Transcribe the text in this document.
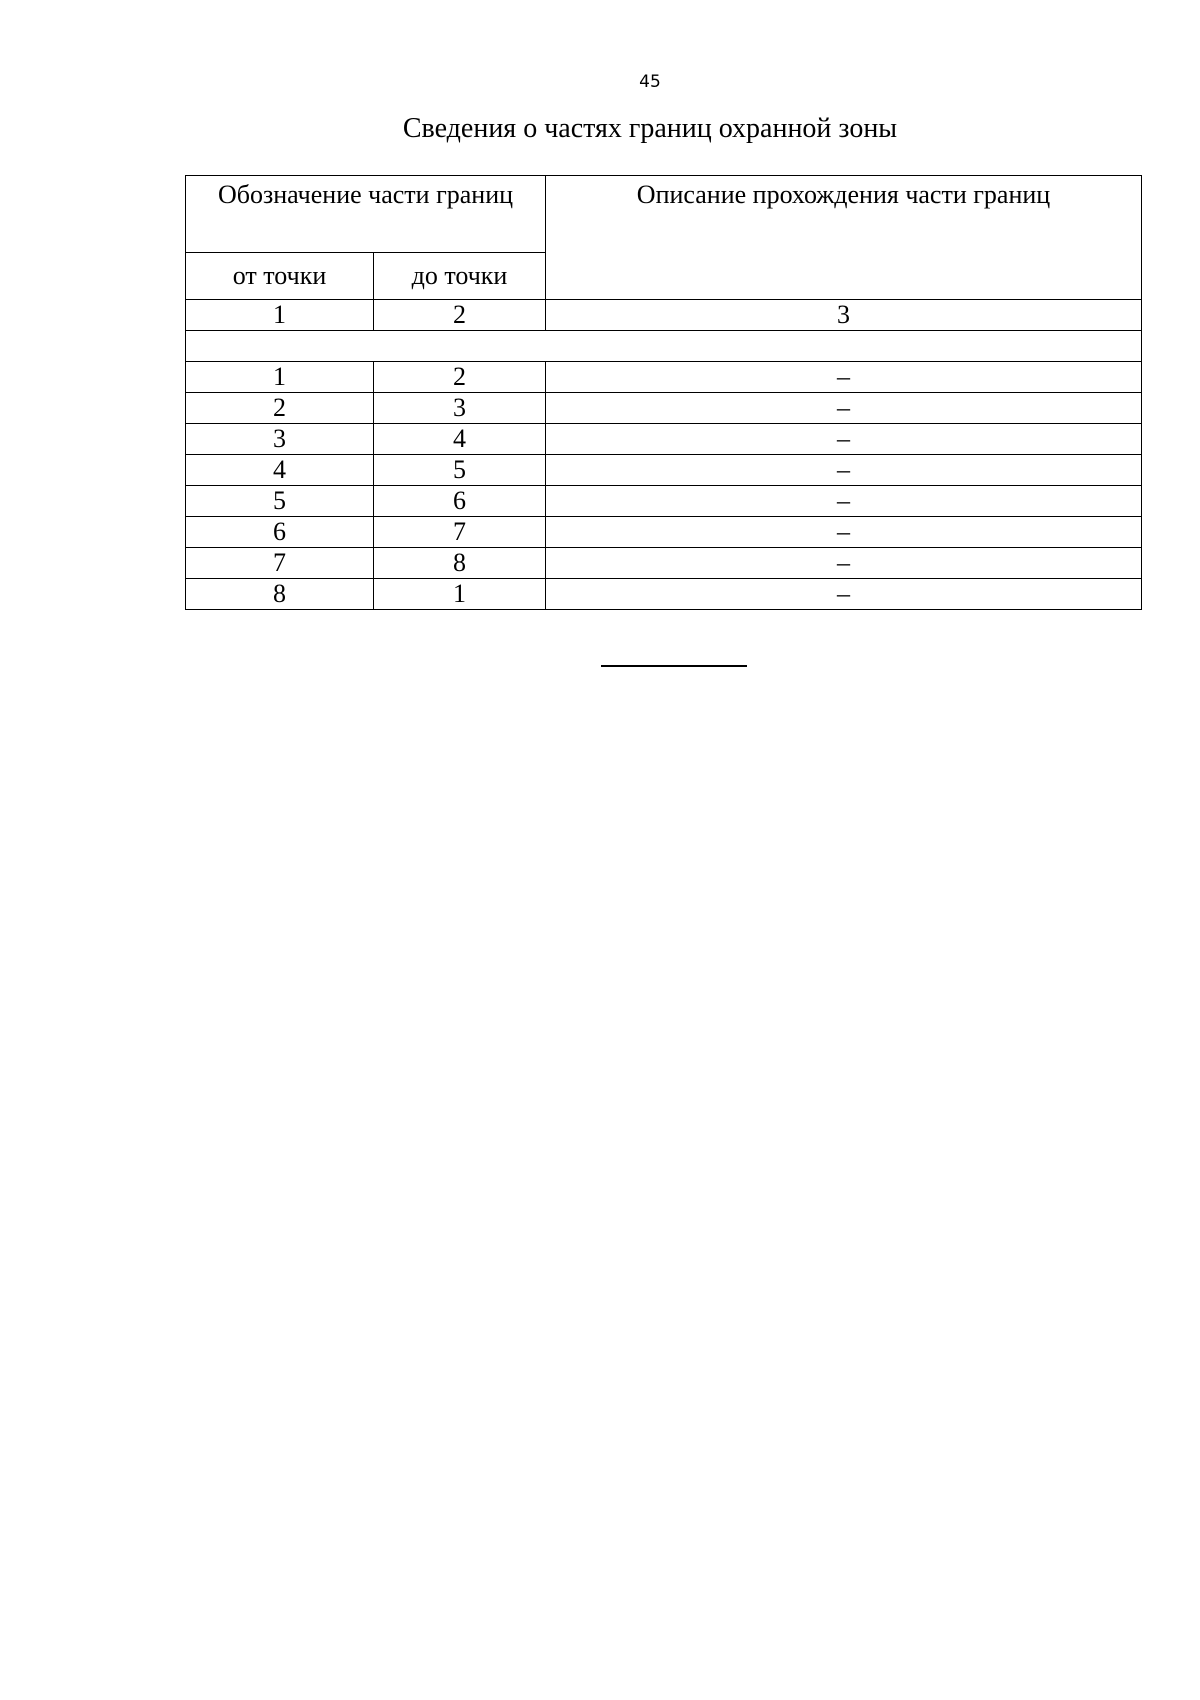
45
Сведения о частях границ охранной зоны
Обозначение части границ		Описание прохождения части границ
от точки	до точки	
1	2	3

1	2	–
2	3	–
3	4	–
4	5	–
5	6	–
6	7	–
7	8	–
8	1	–
